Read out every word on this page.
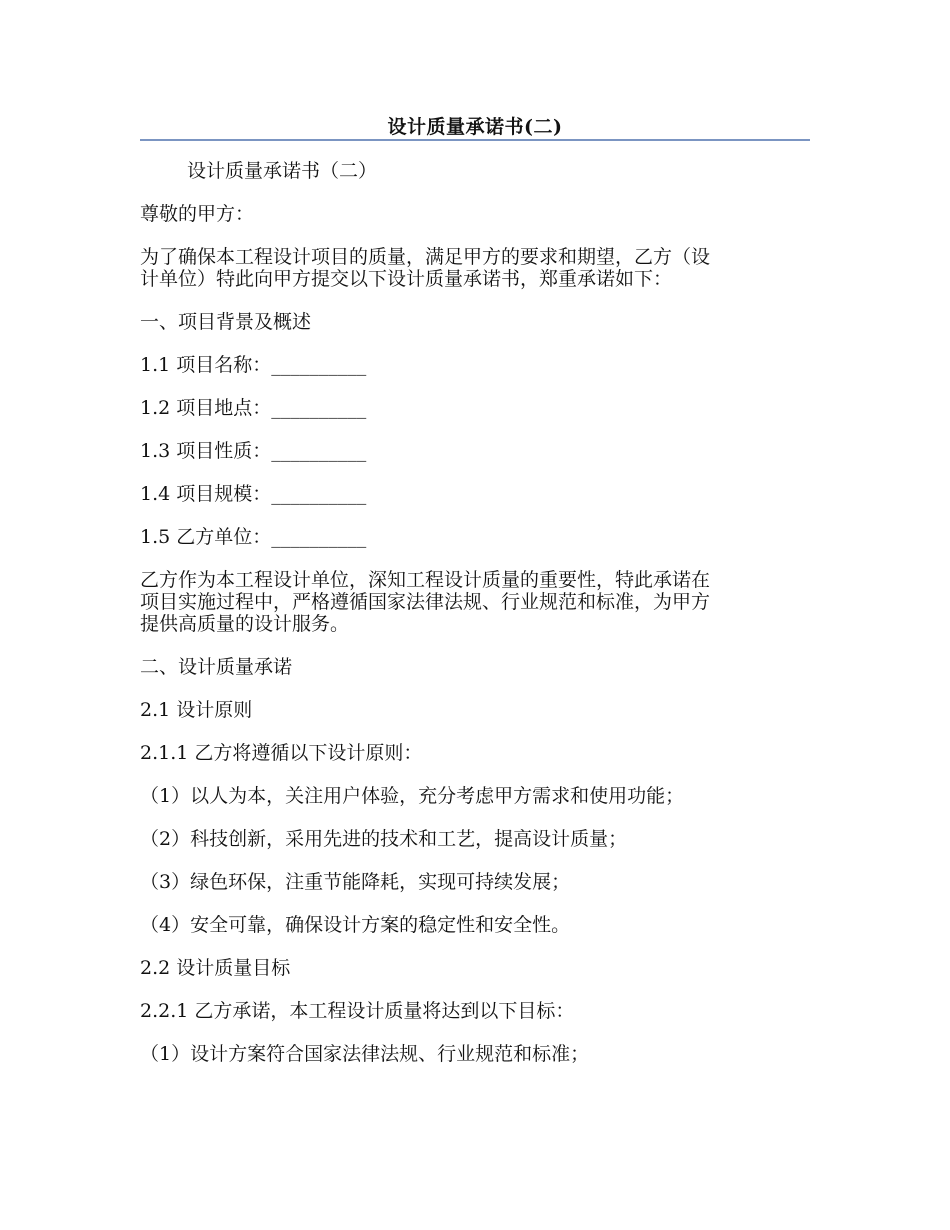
设计质量承诺书(二)

设计质量承诺书（二）

尊敬的甲方：

为了确保本工程设计项目的质量，满足甲方的要求和期望，乙方（设
计单位）特此向甲方提交以下设计质量承诺书，郑重承诺如下：

一、项目背景及概述

1.1 项目名称：__________

1.2 项目地点：__________

1.3 项目性质：__________

1.4 项目规模：__________

1.5 乙方单位：__________

乙方作为本工程设计单位，深知工程设计质量的重要性，特此承诺在
项目实施过程中，严格遵循国家法律法规、行业规范和标准，为甲方
提供高质量的设计服务。

二、设计质量承诺

2.1 设计原则

2.1.1 乙方将遵循以下设计原则：

（1）以人为本，关注用户体验，充分考虑甲方需求和使用功能；

（2）科技创新，采用先进的技术和工艺，提高设计质量；

（3）绿色环保，注重节能降耗，实现可持续发展；

（4）安全可靠，确保设计方案的稳定性和安全性。

2.2 设计质量目标

2.2.1 乙方承诺，本工程设计质量将达到以下目标：

（1）设计方案符合国家法律法规、行业规范和标准；
